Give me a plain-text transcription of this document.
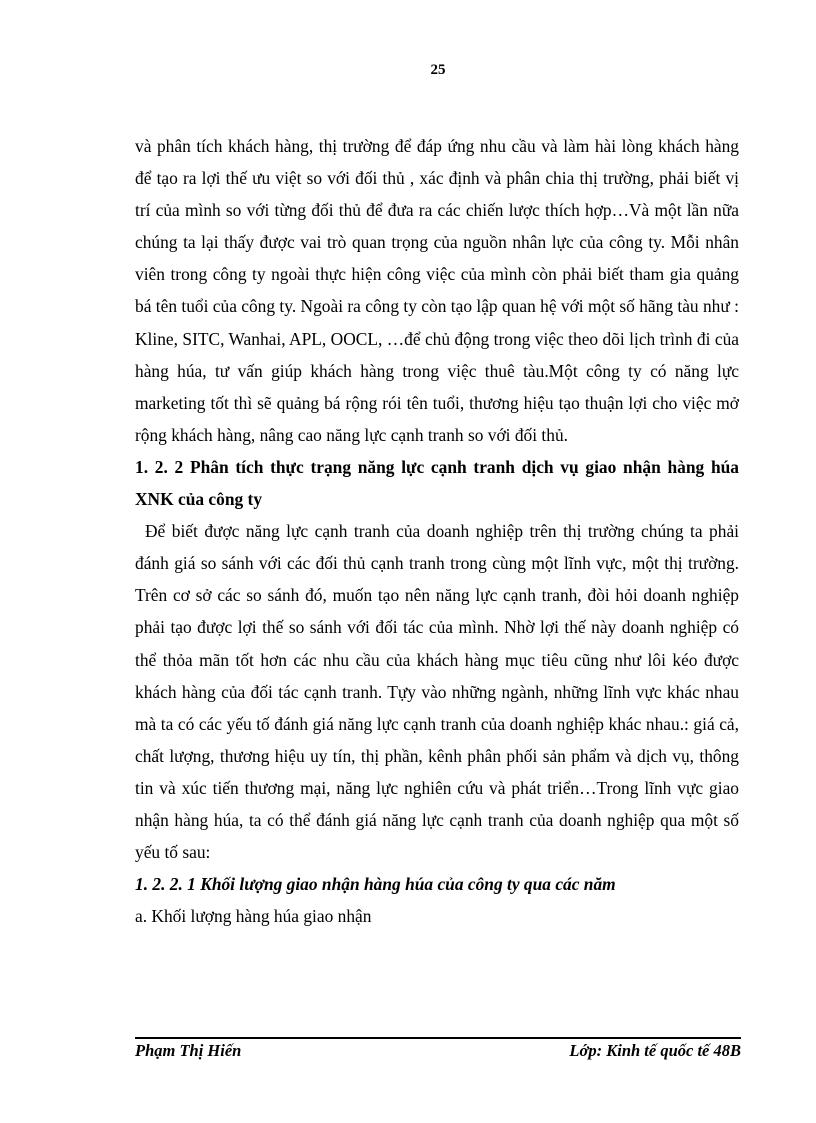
25

và phân tích khách hàng, thị trường để đáp ứng nhu cầu và làm hài lòng khách hàng để tạo ra lợi thế ưu việt so với đối thủ , xác định và phân chia thị trường, phải biết vị trí của mình so với từng đối thủ để đưa ra các chiến lược thích hợp…Và một lần nữa chúng ta lại thấy được vai trò quan trọng của nguồn nhân lực của công ty. Mỗi nhân viên trong công ty ngoài thực hiện công việc của mình còn phải biết tham gia quảng bá tên tuổi của công ty. Ngoài ra công ty còn tạo lập quan hệ với một số hãng tàu như : Kline, SITC, Wanhai, APL, OOCL, …để chủ động trong việc theo dõi lịch trình đi của hàng húa, tư vấn giúp khách hàng trong việc thuê tàu.Một công ty có năng lực marketing tốt thì sẽ quảng bá rộng rói tên tuổi, thương hiệu tạo thuận lợi cho việc mở rộng khách hàng, nâng cao năng lực cạnh tranh so với đối thủ.

1. 2. 2 Phân tích thực trạng năng lực cạnh tranh dịch vụ giao nhận hàng húa XNK của công ty

Để biết được năng lực cạnh tranh của doanh nghiệp trên thị trường chúng ta phải đánh giá so sánh với các đối thủ cạnh tranh trong cùng một lĩnh vực, một thị trường. Trên cơ sở các so sánh đó, muốn tạo nên năng lực cạnh tranh, đòi hỏi doanh nghiệp phải tạo được lợi thế so sánh với đối tác của mình. Nhờ lợi thế này doanh nghiệp có thể thỏa mãn tốt hơn các nhu cầu của khách hàng mục tiêu cũng như lôi kéo được khách hàng của đối tác cạnh tranh. Tựy vào những ngành, những lĩnh vực khác nhau mà ta có các yếu tố đánh giá năng lực cạnh tranh của doanh nghiệp khác nhau.: giá cả, chất lượng, thương hiệu uy tín, thị phần, kênh phân phối sản phẩm và dịch vụ, thông tin và xúc tiến thương mại, năng lực nghiên cứu và phát triển…Trong lĩnh vực giao nhận hàng húa, ta có thể đánh giá năng lực cạnh tranh của doanh nghiệp qua một số yếu tố sau:

1. 2. 2. 1 Khối lượng giao nhận hàng húa của công ty qua các năm

a. Khối lượng hàng húa giao nhận

Phạm Thị Hiến	Lớp: Kinh tế quốc tế 48B
